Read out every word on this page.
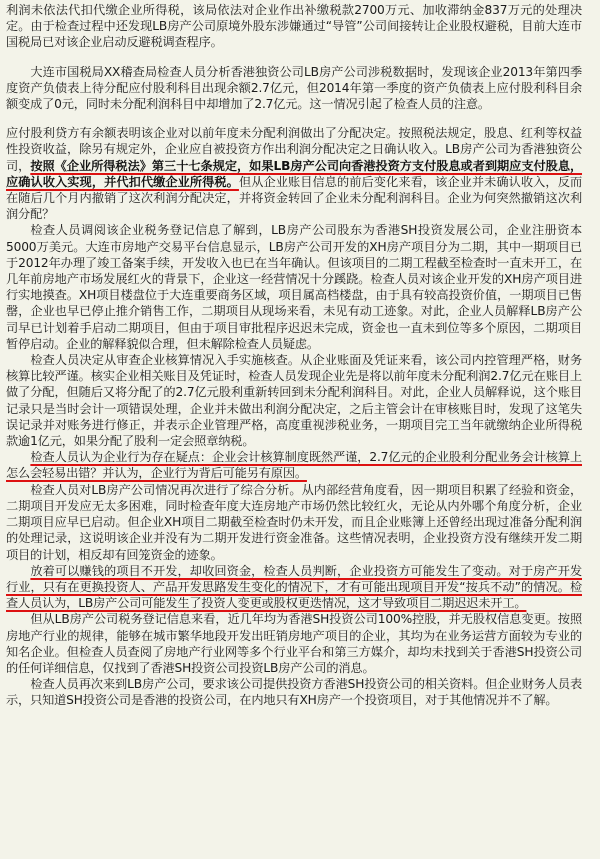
利润未依法代扣代缴企业所得税，该局依法对企业作出补缴税款2700万元、加收滞纳金837万元的处理决定。由于检查过程中还发现LB房产公司原境外股东涉嫌通过“导管”公司间接转让企业股权避税，目前大连市国税局已对该企业启动反避税调查程序。

大连市国税局XX稽查局检查人员分析香港独资公司LB房产公司涉税数据时，发现该企业2013年第四季度资产负债表上待分配应付股利科目出现余额2.7亿元，但2014年第一季度的资产负债表上应付股利科目余额变成了0元，同时未分配利润科目中却增加了2.7亿元。这一情况引起了检查人员的注意。

应付股利贷方有余额表明该企业对以前年度未分配利润做出了分配决定。按照税法规定，股息、红利等权益性投资收益，除另有规定外，企业应自被投资方作出利润分配决定之日确认收入。LB房产公司为香港独资公司，按照《企业所得税法》第三十七条规定，如果LB房产公司向香港投资方支付股息或者到期应支付股息，应确认收入实现，并代扣代缴企业所得税。但从企业账目信息的前后变化来看，该企业并未确认收入，反而在随后几个月内撤销了这次利润分配决定，并将资金转回了企业未分配利润科目。企业为何突然撤销这次利润分配？

检查人员调阅该企业税务登记信息了解到，LB房产公司股东为香港SH投资发展公司，企业注册资本5000万美元。大连市房地产交易平台信息显示，LB房产公司开发的XH房产项目分为二期，其中一期项目已于2012年办理了竣工备案手续，开发收入也已在当年确认。但该项目的二期工程截至检查时一直未开工，在几年前房地产市场发展红火的背景下，企业这一经营情况十分蹊跷。检查人员对该企业开发的XH房产项目进行实地摸查。XH项目楼盘位于大连重要商务区域，项目属高档楼盘，由于具有较高投资价值，一期项目已售罄，企业也早已停止推介销售工作，二期项目从现场来看，未见有动工迹象。对此，企业人员解释LB房产公司早已计划着手启动二期项目，但由于项目审批程序迟迟未完成，资金也一直未到位等多个原因，二期项目暂停启动。企业的解释貌似合理，但未解除检查人员疑虑。

检查人员决定从审查企业核算情况入手实施核查。从企业账面及凭证来看，该公司内控管理严格，财务核算比较严谨。核实企业相关账目及凭证时，检查人员发现企业先是将以前年度未分配利润2.7亿元在账目上做了分配，但随后又将分配了的2.7亿元股利重新转回到未分配利润科目。对此，企业人员解释说，这个账目记录只是当时会计一项错误处理，企业并未做出利润分配决定，之后主管会计在审核账目时，发现了这笔失误记录并对账务进行修正，并表示企业管理严格，高度重视涉税业务，一期项目完工当年就缴纳企业所得税款逾1亿元，如果分配了股利一定会照章纳税。

检查人员认为企业行为存在疑点：企业会计核算制度既然严谨，2.7亿元的企业股利分配业务会计核算上怎么会轻易出错？并认为，企业行为背后可能另有原因。

检查人员对LB房产公司情况再次进行了综合分析。从内部经营角度看，因一期项目积累了经验和资金，二期项目开发应无太多困难，同时检查年度大连房地产市场仍然比较红火，无论从内外哪个角度分析，企业二期项目应早已启动。但企业XH项目二期截至检查时仍未开发，而且企业账簿上还曾经出现过准备分配利润的处理记录，这说明该企业并没有为二期开发进行资金准备。这些情况表明，企业投资方没有继续开发二期项目的计划，相反却有回笼资金的迹象。

放着可以赚钱的项目不开发，却收回资金，检查人员判断，企业投资方可能发生了变动。对于房产开发行业，只有在更换投资人、产品开发思路发生变化的情况下，才有可能出现项目开发“按兵不动”的情况。检查人员认为，LB房产公司可能发生了投资人变更或股权更迭情况，这才导致项目二期迟迟未开工。

但从LB房产公司税务登记信息来看，近几年均为香港SH投资公司100%控股，并无股权信息变更。按照房地产行业的规律，能够在城市繁华地段开发出旺销房地产项目的企业，其均为在业务运营方面较为专业的知名企业。但检查人员查阅了房地产行业网等多个行业平台和第三方媒介，却均未找到关于香港SH投资公司的任何详细信息，仅找到了香港SH投资公司投资LB房产公司的消息。

检查人员再次来到LB房产公司，要求该公司提供投资方香港SH投资公司的相关资料。但企业财务人员表示，只知道SH投资公司是香港的投资公司，在内地只有XH房产一个投资项目，对于其他情况并不了解。
